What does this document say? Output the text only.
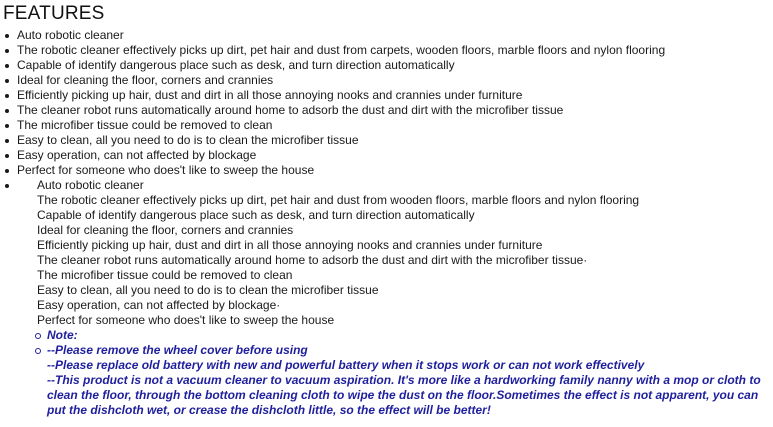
FEATURES
Auto robotic cleaner
The robotic cleaner effectively picks up dirt, pet hair and dust from carpets, wooden floors, marble floors and nylon flooring
Capable of identify dangerous place such as desk, and turn direction automatically
Ideal for cleaning the floor, corners and crannies
Efficiently picking up hair, dust and dirt in all those annoying nooks and crannies under furniture
The cleaner robot runs automatically around home to adsorb the dust and dirt with the microfiber tissue
The microfiber tissue could be removed to clean
Easy to clean, all you need to do is to clean the microfiber tissue
Easy operation, can not affected by blockage
Perfect for someone who does't like to sweep the house
Auto robotic cleaner
The robotic cleaner effectively picks up dirt, pet hair and dust from wooden floors, marble floors and nylon flooring
Capable of identify dangerous place such as desk, and turn direction automatically
Ideal for cleaning the floor, corners and crannies
Efficiently picking up hair, dust and dirt in all those annoying nooks and crannies under furniture
The cleaner robot runs automatically around home to adsorb the dust and dirt with the microfiber tissue·
The microfiber tissue could be removed to clean
Easy to clean, all you need to do is to clean the microfiber tissue
Easy operation, can not affected by blockage·
Perfect for someone who does't like to sweep the house
Note:
--Please remove the wheel cover before using
--Please replace old battery with new and powerful battery when it stops work or can not work effectively
--This product is not a vacuum cleaner to vacuum aspiration. It's more like a hardworking family nanny with a mop or cloth to clean the floor, through the bottom cleaning cloth to wipe the dust on the floor.Sometimes the effect is not apparent, you can put the dishcloth wet, or crease the dishcloth little, so the effect will be better!
